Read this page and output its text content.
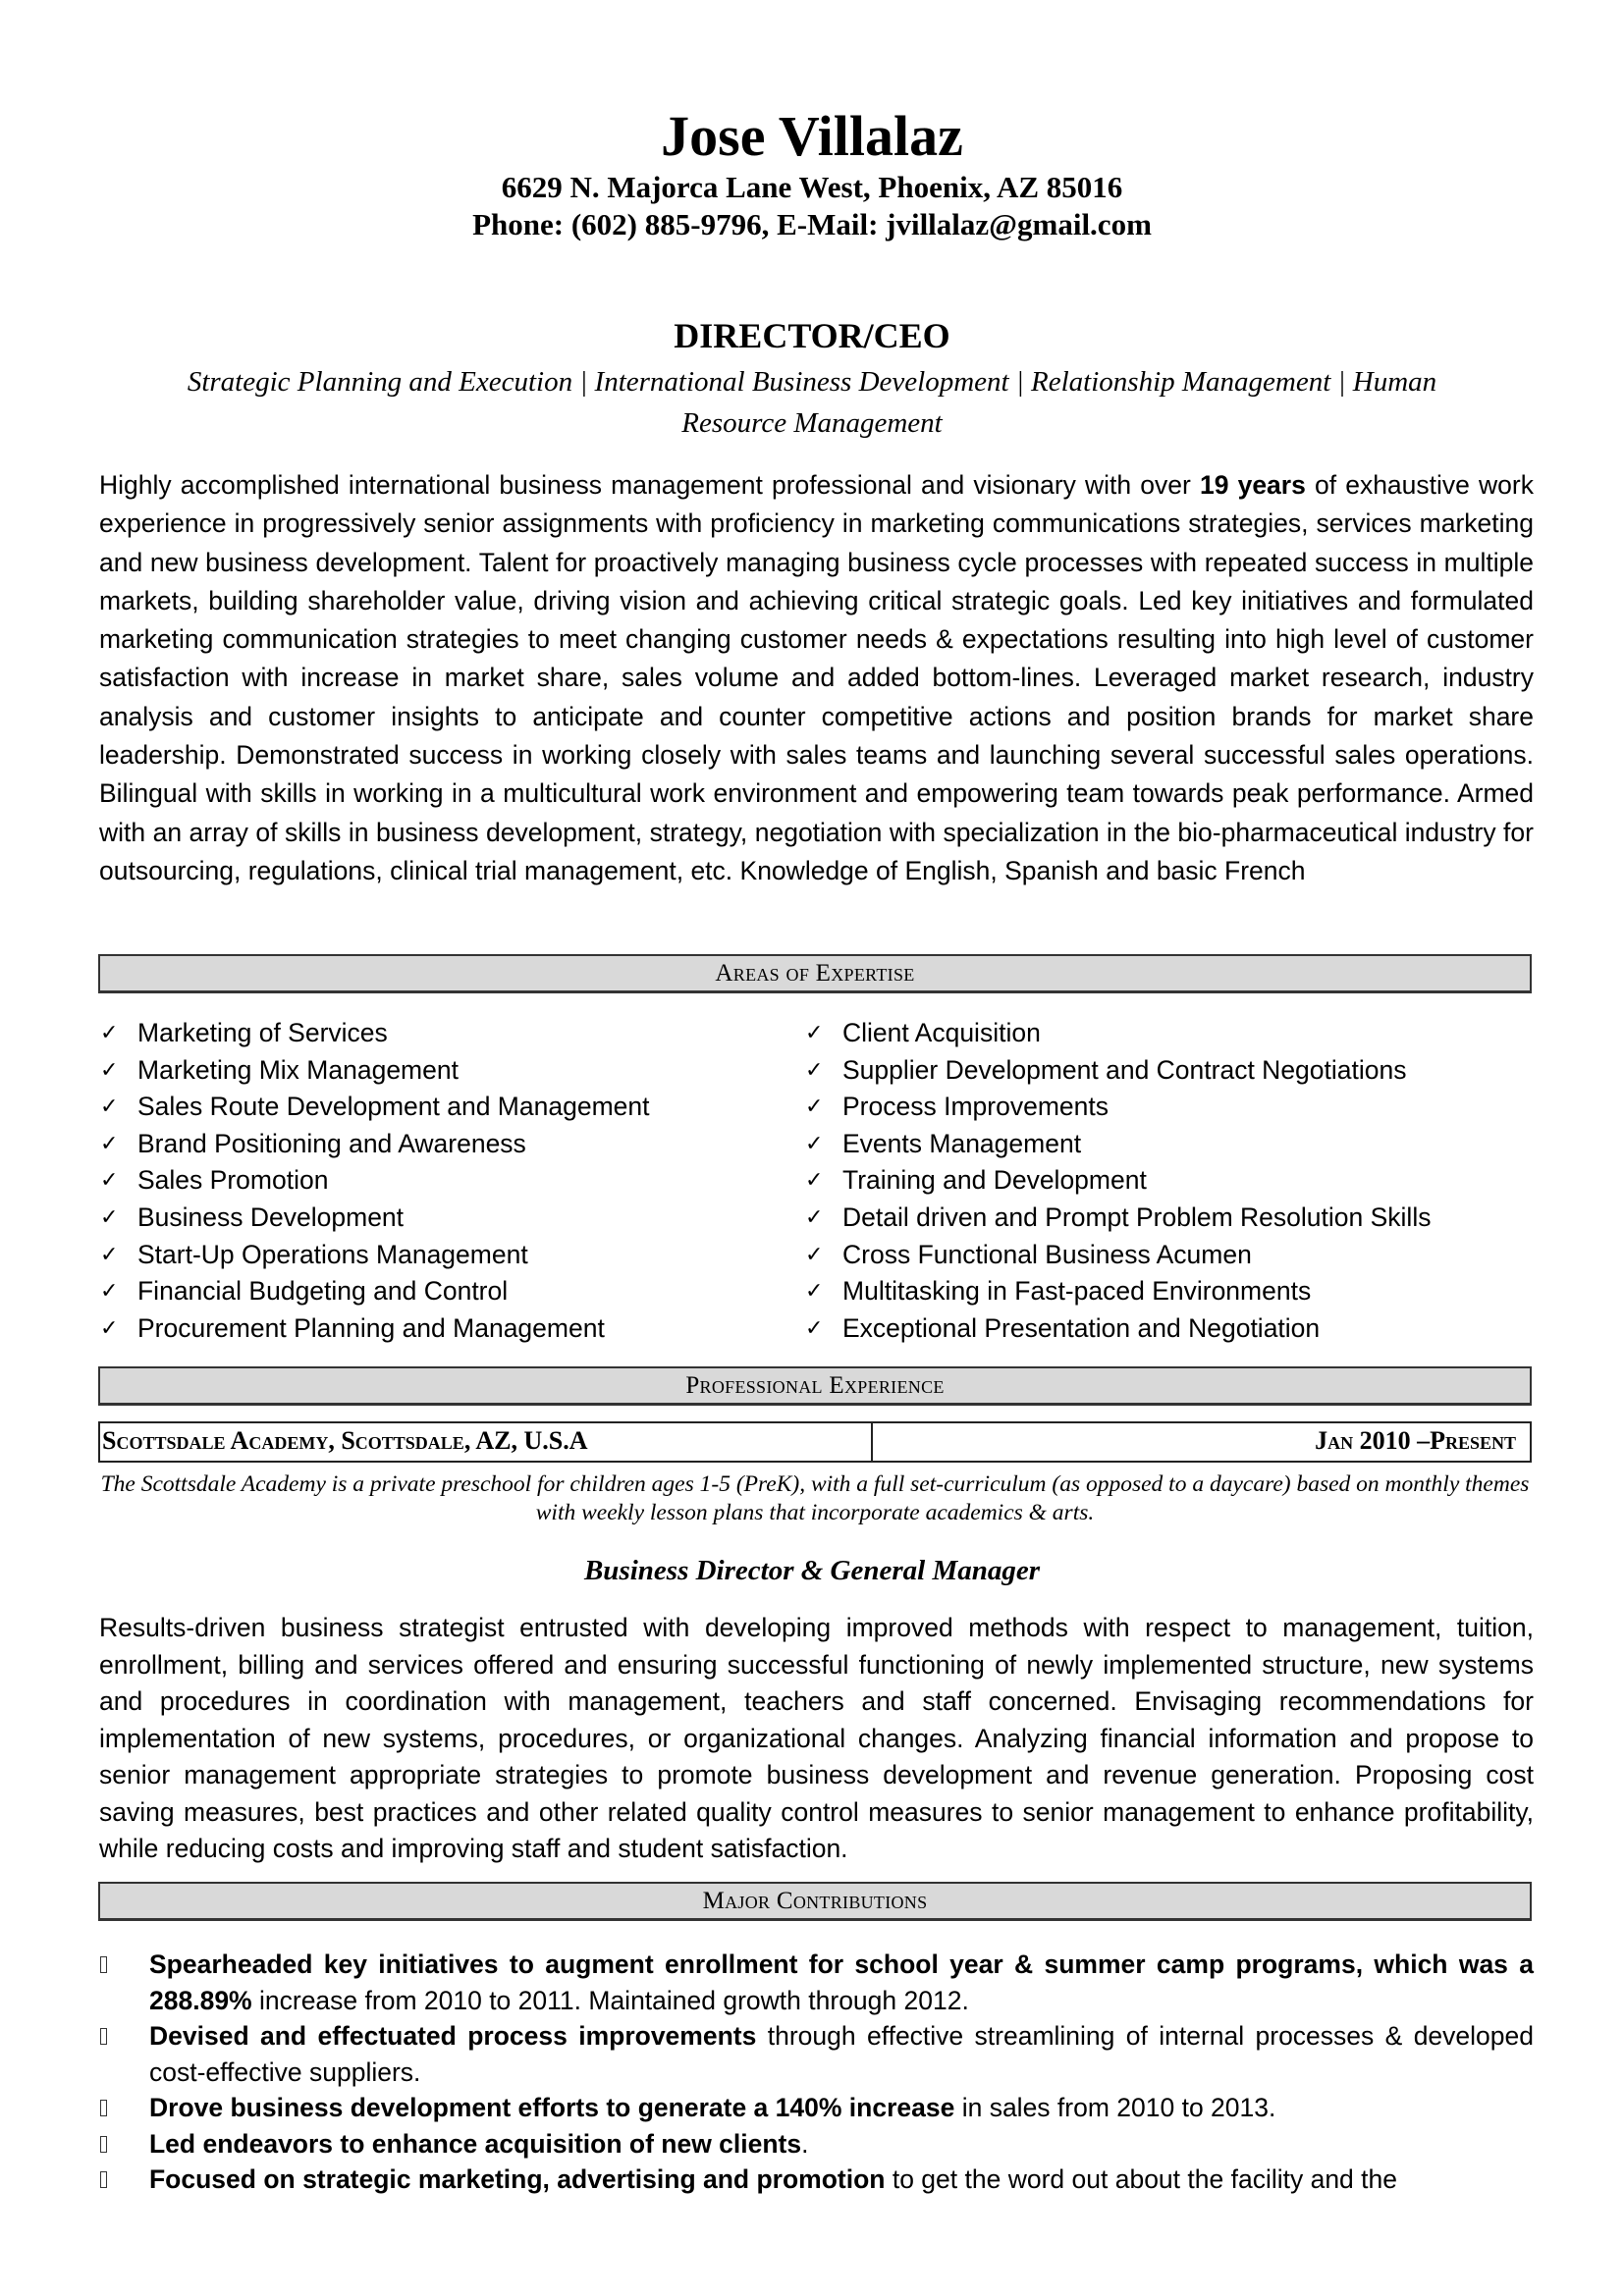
Jose Villalaz
6629 N. Majorca Lane West, Phoenix, AZ 85016
Phone: (602) 885-9796, E-Mail: jvillalaz@gmail.com
DIRECTOR/CEO
Strategic Planning and Execution | International Business Development | Relationship Management | Human Resource Management
Highly accomplished international business management professional and visionary with over 19 years of exhaustive work experience in progressively senior assignments with proficiency in marketing communications strategies, services marketing and new business development. Talent for proactively managing business cycle processes with repeated success in multiple markets, building shareholder value, driving vision and achieving critical strategic goals. Led key initiatives and formulated marketing communication strategies to meet changing customer needs & expectations resulting into high level of customer satisfaction with increase in market share, sales volume and added bottom-lines. Leveraged market research, industry analysis and customer insights to anticipate and counter competitive actions and position brands for market share leadership. Demonstrated success in working closely with sales teams and launching several successful sales operations. Bilingual with skills in working in a multicultural work environment and empowering team towards peak performance. Armed with an array of skills in business development, strategy, negotiation with specialization in the bio-pharmaceutical industry for outsourcing, regulations, clinical trial management, etc. Knowledge of English, Spanish and basic French
Areas of Expertise
✓ Marketing of Services
✓ Marketing Mix Management
✓ Sales Route Development and Management
✓ Brand Positioning and Awareness
✓ Sales Promotion
✓ Business Development
✓ Start-Up Operations Management
✓ Financial Budgeting and Control
✓ Procurement Planning and Management
✓ Client Acquisition
✓ Supplier Development and Contract Negotiations
✓ Process Improvements
✓ Events Management
✓ Training and Development
✓ Detail driven and Prompt Problem Resolution Skills
✓ Cross Functional Business Acumen
✓ Multitasking in Fast-paced Environments
✓ Exceptional Presentation and Negotiation
Professional Experience
Scottsdale Academy, Scottsdale, AZ, U.S.A	Jan 2010 –Present
The Scottsdale Academy is a private preschool for children ages 1-5 (PreK), with a full set-curriculum (as opposed to a daycare) based on monthly themes with weekly lesson plans that incorporate academics & arts.
Business Director & General Manager
Results-driven business strategist entrusted with developing improved methods with respect to management, tuition, enrollment, billing and services offered and ensuring successful functioning of newly implemented structure, new systems and procedures in coordination with management, teachers and staff concerned. Envisaging recommendations for implementation of new systems, procedures, or organizational changes. Analyzing financial information and propose to senior management appropriate strategies to promote business development and revenue generation. Proposing cost saving measures, best practices and other related quality control measures to senior management to enhance profitability, while reducing costs and improving staff and student satisfaction.
Major Contributions
Spearheaded key initiatives to augment enrollment for school year & summer camp programs, which was a 288.89% increase from 2010 to 2011. Maintained growth through 2012.
Devised and effectuated process improvements through effective streamlining of internal processes & developed cost-effective suppliers.
Drove business development efforts to generate a 140% increase in sales from 2010 to 2013.
Led endeavors to enhance acquisition of new clients.
Focused on strategic marketing, advertising and promotion to get the word out about the facility and the
